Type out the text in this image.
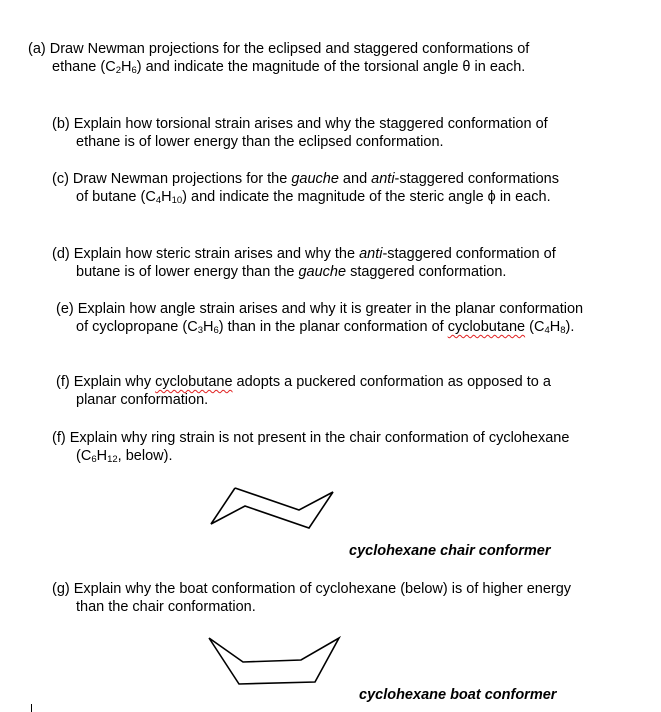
(a) Draw Newman projections for the eclipsed and staggered conformations of
ethane $(C_2H_6)$ and indicate the magnitude of the torsional angle θ in each.

(b) Explain how torsional strain arises and why the staggered conformation of
ethane is of lower energy than the eclipsed conformation.

(c) Draw Newman projections for the gauche and anti-staggered conformations
of butane $(C_4H_{10})$ and indicate the magnitude of the steric angle ϕ in each.

(d) Explain how steric strain arises and why the anti-staggered conformation of
butane is of lower energy than the gauche staggered conformation.

(e) Explain how angle strain arises and why it is greater in the planar conformation
of cyclopropane $(C_3H_6)$ than in the planar conformation of cyclobutane $(C_4H_8)$.

(f) Explain why cyclobutane adopts a puckered conformation as opposed to a
planar conformation.

(f) Explain why ring strain is not present in the chair conformation of cyclohexane
($C_6H_{12}$, below).

cyclohexane chair conformer

(g) Explain why the boat conformation of cyclohexane (below) is of higher energy
than the chair conformation.

cyclohexane boat conformer
